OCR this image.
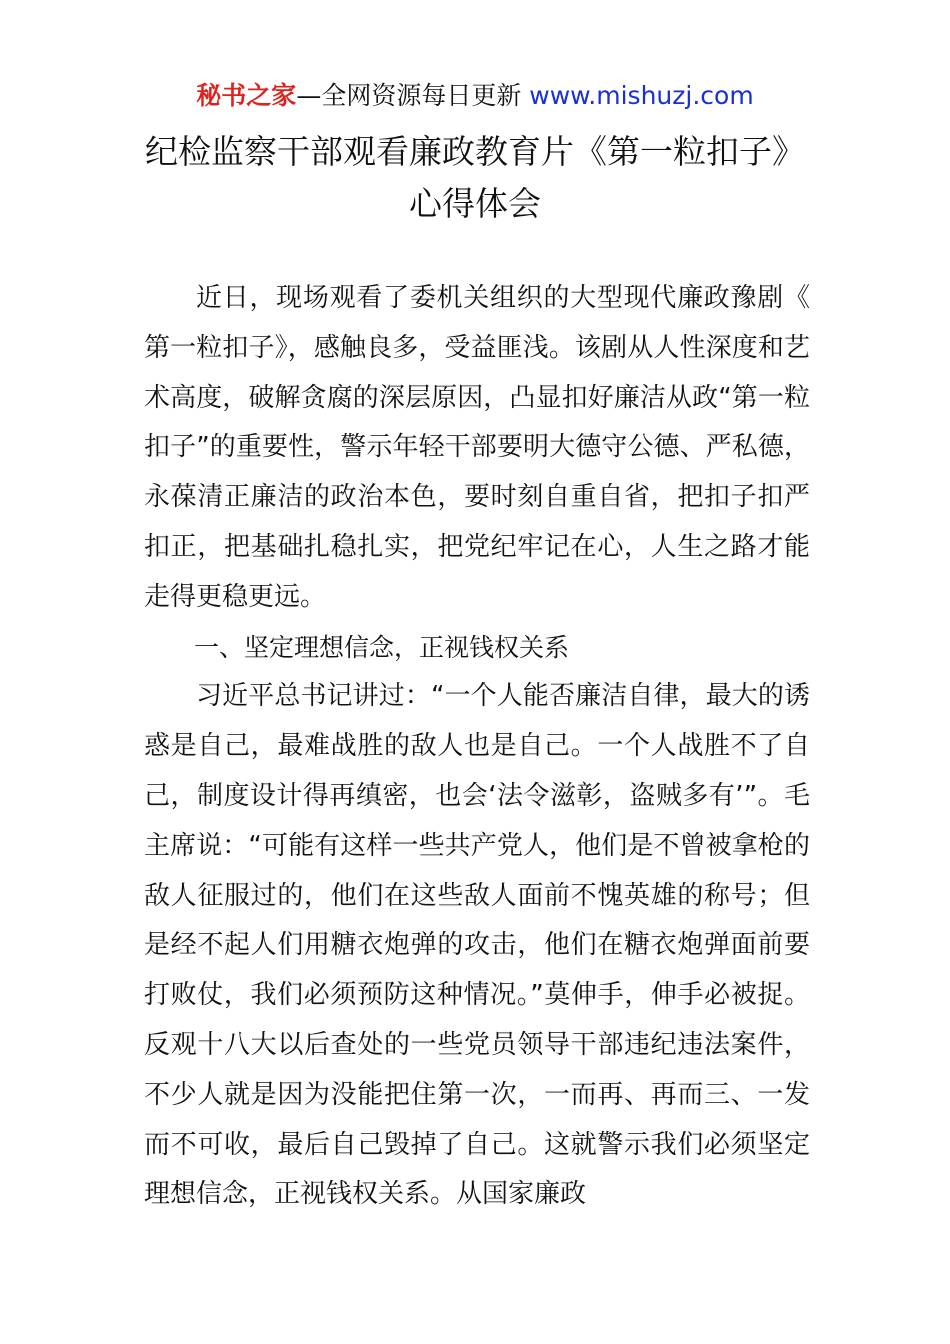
秘书之家—全网资源每日更新 www.mishuzj.com
纪检监察干部观看廉政教育片《第一粒扣子》
心得体会

近日，现场观看了委机关组织的大型现代廉政豫剧《第一粒扣子》，感触良多，受益匪浅。该剧从人性深度和艺术高度，破解贪腐的深层原因，凸显扣好廉洁从政“第一粒扣子”的重要性，警示年轻干部要明大德守公德、严私德，永葆清正廉洁的政治本色，要时刻自重自省，把扣子扣严扣正，把基础扎稳扎实，把党纪牢记在心，人生之路才能走得更稳更远。

一、坚定理想信念，正视钱权关系

习近平总书记讲过：“一个人能否廉洁自律，最大的诱惑是自己，最难战胜的敌人也是自己。一个人战胜不了自己，制度设计得再缜密，也会‘法令滋彰，盗贼多有’”。毛主席说：“可能有这样一些共产党人，他们是不曾被拿枪的敌人征服过的，他们在这些敌人面前不愧英雄的称号；但是经不起人们用糖衣炮弹的攻击，他们在糖衣炮弹面前要打败仗，我们必须预防这种情况。”莫伸手，伸手必被捉。反观十八大以后查处的一些党员领导干部违纪违法案件，不少人就是因为没能把住第一次，一而再、再而三、一发而不可收，最后自己毁掉了自己。这就警示我们必须坚定理想信念，正视钱权关系。从国家廉政
